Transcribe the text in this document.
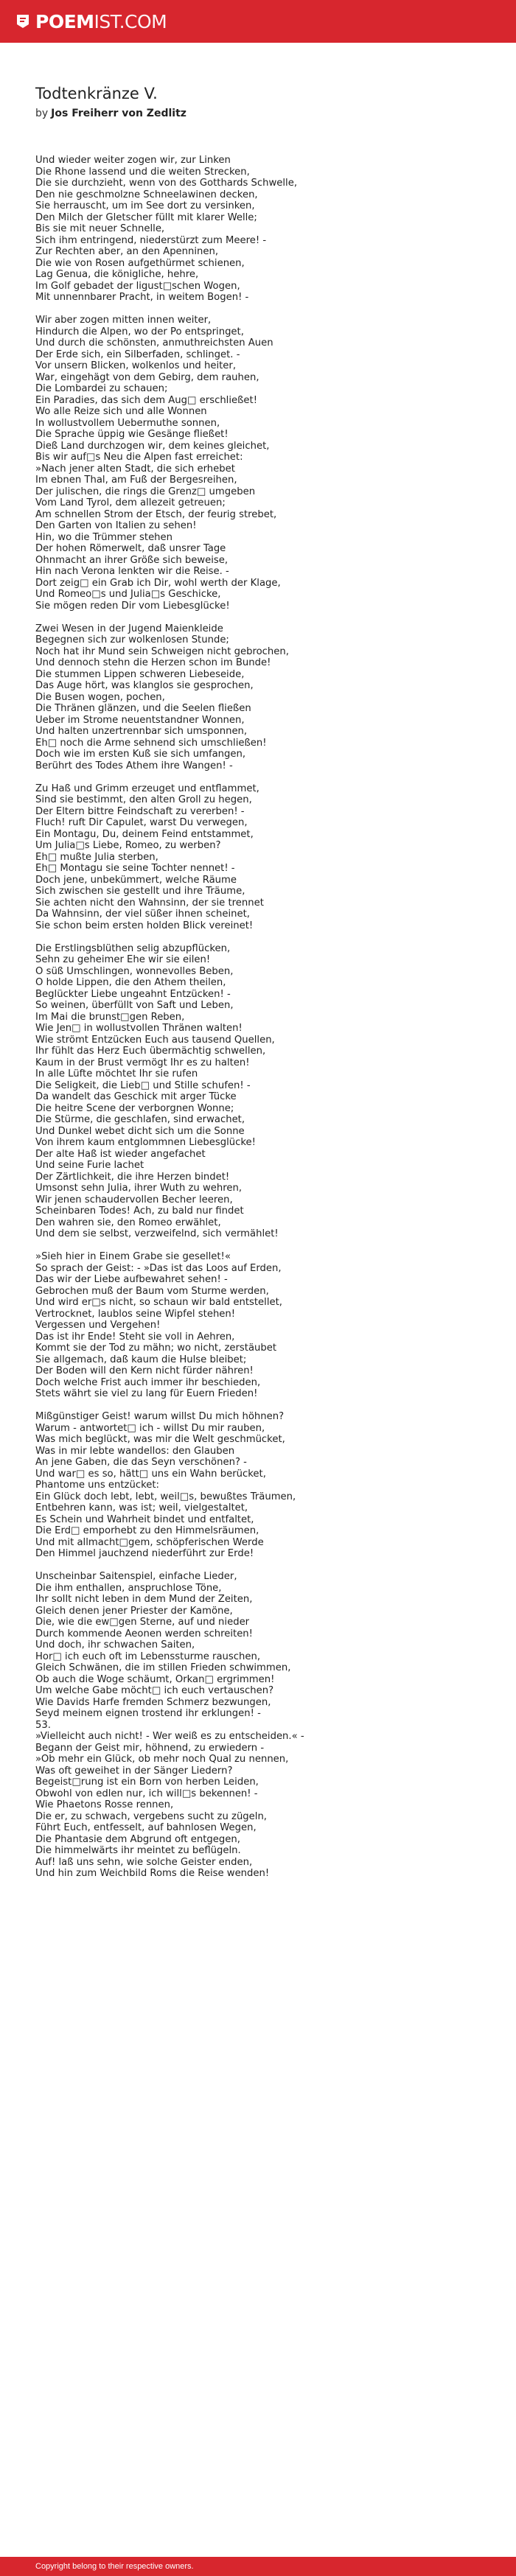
POEM IST.COM
Todtenkränze V.
by Jos Freiherr von Zedlitz
Und wieder weiter zogen wir, zur Linken
Die Rhone lassend und die weiten Strecken,
Die sie durchzieht, wenn von des Gotthards Schwelle,
Den nie geschmolzne Schneelawinen decken,
Sie herrauscht, um im See dort zu versinken,
Den Milch der Gletscher füllt mit klarer Welle;
Bis sie mit neuer Schnelle,
Sich ihm entringend, niederstürzt zum Meere! -
Zur Rechten aber, an den Apenninen,
Die wie von Rosen aufgethürmet schienen,
Lag Genua, die königliche, hehre,
Im Golf gebadet der ligust□schen Wogen,
Mit unnennbarer Pracht, in weitem Bogen! -
Wir aber zogen mitten innen weiter,
Hindurch die Alpen, wo der Po entspringet,
Und durch die schönsten, anmuthreichsten Auen
Der Erde sich, ein Silberfaden, schlinget. -
Vor unsern Blicken, wolkenlos und heiter,
War, eingehägt von dem Gebirg, dem rauhen,
Die Lombardei zu schauen;
Ein Paradies, das sich dem Aug□ erschließet!
Wo alle Reize sich und alle Wonnen
In wollustvollem Uebermuthe sonnen,
Die Sprache üppig wie Gesänge fließet!
Dieß Land durchzogen wir, dem keines gleichet,
Bis wir auf□s Neu die Alpen fast erreichet:
»Nach jener alten Stadt, die sich erhebet
Im ebnen Thal, am Fuß der Bergesreihen,
Der julischen, die rings die Grenz□ umgeben
Vom Land Tyrol, dem allezeit getreuen;
Am schnellen Strom der Etsch, der feurig strebet,
Den Garten von Italien zu sehen!
Hin, wo die Trümmer stehen
Der hohen Römerwelt, daß unsrer Tage
Ohnmacht an ihrer Größe sich beweise,
Hin nach Verona lenkten wir die Reise. -
Dort zeig□ ein Grab ich Dir, wohl werth der Klage,
Und Romeo□s und Julia□s Geschicke,
Sie mögen reden Dir vom Liebesglücke!
Zwei Wesen in der Jugend Maienkleide
Begegnen sich zur wolkenlosen Stunde;
Noch hat ihr Mund sein Schweigen nicht gebrochen,
Und dennoch stehn die Herzen schon im Bunde!
Die stummen Lippen schweren Liebeseide,
Das Auge hört, was klanglos sie gesprochen,
Die Busen wogen, pochen,
Die Thränen glänzen, und die Seelen fließen
Ueber im Strome neuentstandner Wonnen,
Und halten unzertrennbar sich umsponnen,
Eh□ noch die Arme sehnend sich umschließen!
Doch wie im ersten Kuß sie sich umfangen,
Berührt des Todes Athem ihre Wangen! -
Zu Haß und Grimm erzeuget und entflammet,
Sind sie bestimmt, den alten Groll zu hegen,
Der Eltern bittre Feindschaft zu vererben! -
Fluch! ruft Dir Capulet, warst Du verwegen,
Ein Montagu, Du, deinem Feind entstammet,
Um Julia□s Liebe, Romeo, zu werben?
Eh□ mußte Julia sterben,
Eh□ Montagu sie seine Tochter nennet! -
Doch jene, unbekümmert, welche Räume
Sich zwischen sie gestellt und ihre Träume,
Sie achten nicht den Wahnsinn, der sie trennet
Da Wahnsinn, der viel süßer ihnen scheinet,
Sie schon beim ersten holden Blick vereinet!
Die Erstlingsblüthen selig abzupflücken,
Sehn zu geheimer Ehe wir sie eilen!
O süß Umschlingen, wonnevolles Beben,
O holde Lippen, die den Athem theilen,
Beglückter Liebe ungeahnt Entzücken! -
So weinen, überfüllt von Saft und Leben,
Im Mai die brunst□gen Reben,
Wie Jen□ in wollustvollen Thränen walten!
Wie strömt Entzücken Euch aus tausend Quellen,
Ihr fühlt das Herz Euch übermächtig schwellen,
Kaum in der Brust vermögt Ihr es zu halten!
In alle Lüfte möchtet Ihr sie rufen
Die Seligkeit, die Lieb□ und Stille schufen! -
Da wandelt das Geschick mit arger Tücke
Die heitre Scene der verborgnen Wonne;
Die Stürme, die geschlafen, sind erwachet,
Und Dunkel webet dicht sich um die Sonne
Von ihrem kaum entglommnen Liebesglücke!
Der alte Haß ist wieder angefachet
Und seine Furie lachet
Der Zärtlichkeit, die ihre Herzen bindet!
Umsonst sehn Julia, ihrer Wuth zu wehren,
Wir jenen schaudervollen Becher leeren,
Scheinbaren Todes! Ach, zu bald nur findet
Den wahren sie, den Romeo erwählet,
Und dem sie selbst, verzweifelnd, sich vermählet!
»Sieh hier in Einem Grabe sie gesellet!«
So sprach der Geist: - »Das ist das Loos auf Erden,
Das wir der Liebe aufbewahret sehen! -
Gebrochen muß der Baum vom Sturme werden,
Und wird er□s nicht, so schaun wir bald entstellet,
Vertrocknet, laublos seine Wipfel stehen!
Vergessen und Vergehen!
Das ist ihr Ende! Steht sie voll in Aehren,
Kommt sie der Tod zu mähn; wo nicht, zerstäubet
Sie allgemach, daß kaum die Hulse bleibet;
Der Boden will den Kern nicht fürder nähren!
Doch welche Frist auch immer ihr beschieden,
Stets währt sie viel zu lang für Euern Frieden!
Mißgünstiger Geist! warum willst Du mich höhnen?
Warum - antwortet□ ich - willst Du mir rauben,
Was mich beglückt, was mir die Welt geschmücket,
Was in mir lebte wandellos: den Glauben
An jene Gaben, die das Seyn verschönen? -
Und war□ es so, hätt□ uns ein Wahn berücket,
Phantome uns entzücket:
Ein Glück doch lebt, lebt, weil□s, bewußtes Träumen,
Entbehren kann, was ist; weil, vielgestaltet,
Es Schein und Wahrheit bindet und entfaltet,
Die Erd□ emporhebt zu den Himmelsräumen,
Und mit allmacht□gem, schöpferischen Werde
Den Himmel jauchzend niederführt zur Erde!
Unscheinbar Saitenspiel, einfache Lieder,
Die ihm enthallen, anspruchlose Töne,
Ihr sollt nicht leben in dem Mund der Zeiten,
Gleich denen jener Priester der Kamöne,
Die, wie die ew□gen Sterne, auf und nieder
Durch kommende Aeonen werden schreiten!
Und doch, ihr schwachen Saiten,
Hor□ ich euch oft im Lebenssturme rauschen,
Gleich Schwänen, die im stillen Frieden schwimmen,
Ob auch die Woge schäumt, Orkan□ ergrimmen!
Um welche Gabe möcht□ ich euch vertauschen?
Wie Davids Harfe fremden Schmerz bezwungen,
Seyd meinem eignen trostend ihr erklungen! -
53.
»Vielleicht auch nicht! - Wer weiß es zu entscheiden.« -
Begann der Geist mir, höhnend, zu erwiedern -
»Ob mehr ein Glück, ob mehr noch Qual zu nennen,
Was oft geweihet in der Sänger Liedern?
Begeist□rung ist ein Born von herben Leiden,
Obwohl von edlen nur, ich will□s bekennen! -
Wie Phaetons Rosse rennen,
Die er, zu schwach, vergebens sucht zu zügeln,
Führt Euch, entfesselt, auf bahnlosen Wegen,
Die Phantasie dem Abgrund oft entgegen,
Die himmelwärts ihr meintet zu beflügeln.
Auf! laß uns sehn, wie solche Geister enden,
Und hin zum Weichbild Roms die Reise wenden!
Copyright belong to their respective owners.
